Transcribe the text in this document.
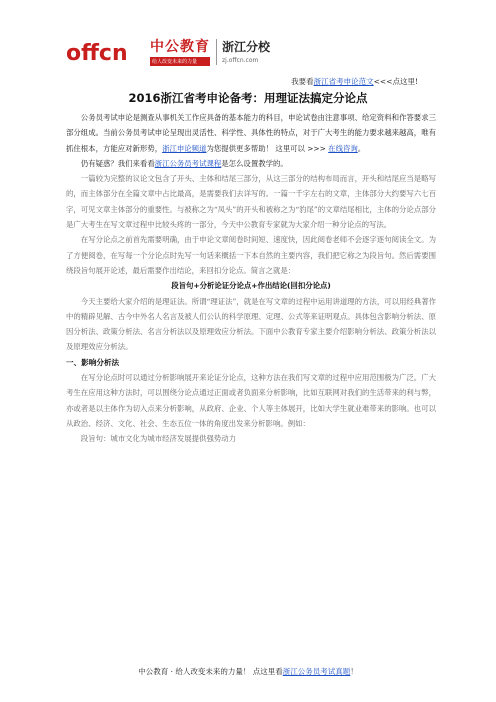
offcn 中公教育
给人改变未来的力量
浙江分校
zj.offcn.com
我要看浙江省考申论范文<<<点这里!
2016浙江省考申论备考：用理证法搞定分论点

公务员考试申论是测查从事机关工作应具备的基本能力的科目，申论试卷由注意事项、给定资料和作答要求三部分组成。当前公务员考试申论呈现出灵活性、科学性、具体性的特点，对于广大考生的能力要求越来越高，唯有抓住根本，方能应对新形势，浙江申论频道为您提供更多帮助！ 这里可以 >>> 在线咨询。

仍有疑惑？我们来看看浙江公务员考试课程是怎么设置教学的。

一篇较为完整的议论文包含了开头、主体和结尾三部分，从这三部分的结构布局而言，开头和结尾应当是略写的，而主体部分在全篇文章中占比最高，是需要我们去详写的。一篇一千字左右的文章，主体部分大约要写六七百字，可见文章主体部分的重要性。与被称之为“凤头”的开头和被称之为“豹尾”的文章结尾相比，主体的分论点部分是广大考生在写文章过程中比较头疼的一部分，今天中公教育专家就为大家介绍一种分论点的写法。

在写分论点之前首先需要明确，由于申论文章阅卷时间短、速度快，因此阅卷老师不会逐字逐句阅读全文。为了方便阅卷，在写每一个分论点时先写一句话来概括一下本自然的主要内容，我们把它称之为段旨句。然后需要围绕段旨句展开论述，最后需要作出结论，来回扣分论点。简言之就是：

段旨句+分析论证分论点+作出结论(回扣分论点)

今天主要给大家介绍的是理证法。所谓“理证法”，就是在写文章的过程中运用讲道理的方法，可以用经典著作中的精辟见解、古今中外名人名言及被人们公认的科学原理、定理、公式等来证明观点。具体包含影响分析法、原因分析法、政策分析法、名言分析法以及原理效应分析法。下面中公教育专家主要介绍影响分析法、政策分析法以及原理效应分析法。

一、影响分析法

在写分论点时可以通过分析影响展开来论证分论点，这种方法在我们写文章的过程中应用范围极为广泛。广大考生在应用这种方法时，可以围绕分论点通过正面或者负面来分析影响，比如互联网对我们的生活带来的利与弊，亦或者是以主体作为切入点来分析影响，从政府、企业、个人等主体展开，比如大学生就业难带来的影响。也可以从政治、经济、文化、社会、生态五位一体的角度出发来分析影响。例如：

段旨句：城市文化为城市经济发展提供强势动力

中公教育 · 给人改变未来的力量！ 点这里看浙江公务员考试真题！
